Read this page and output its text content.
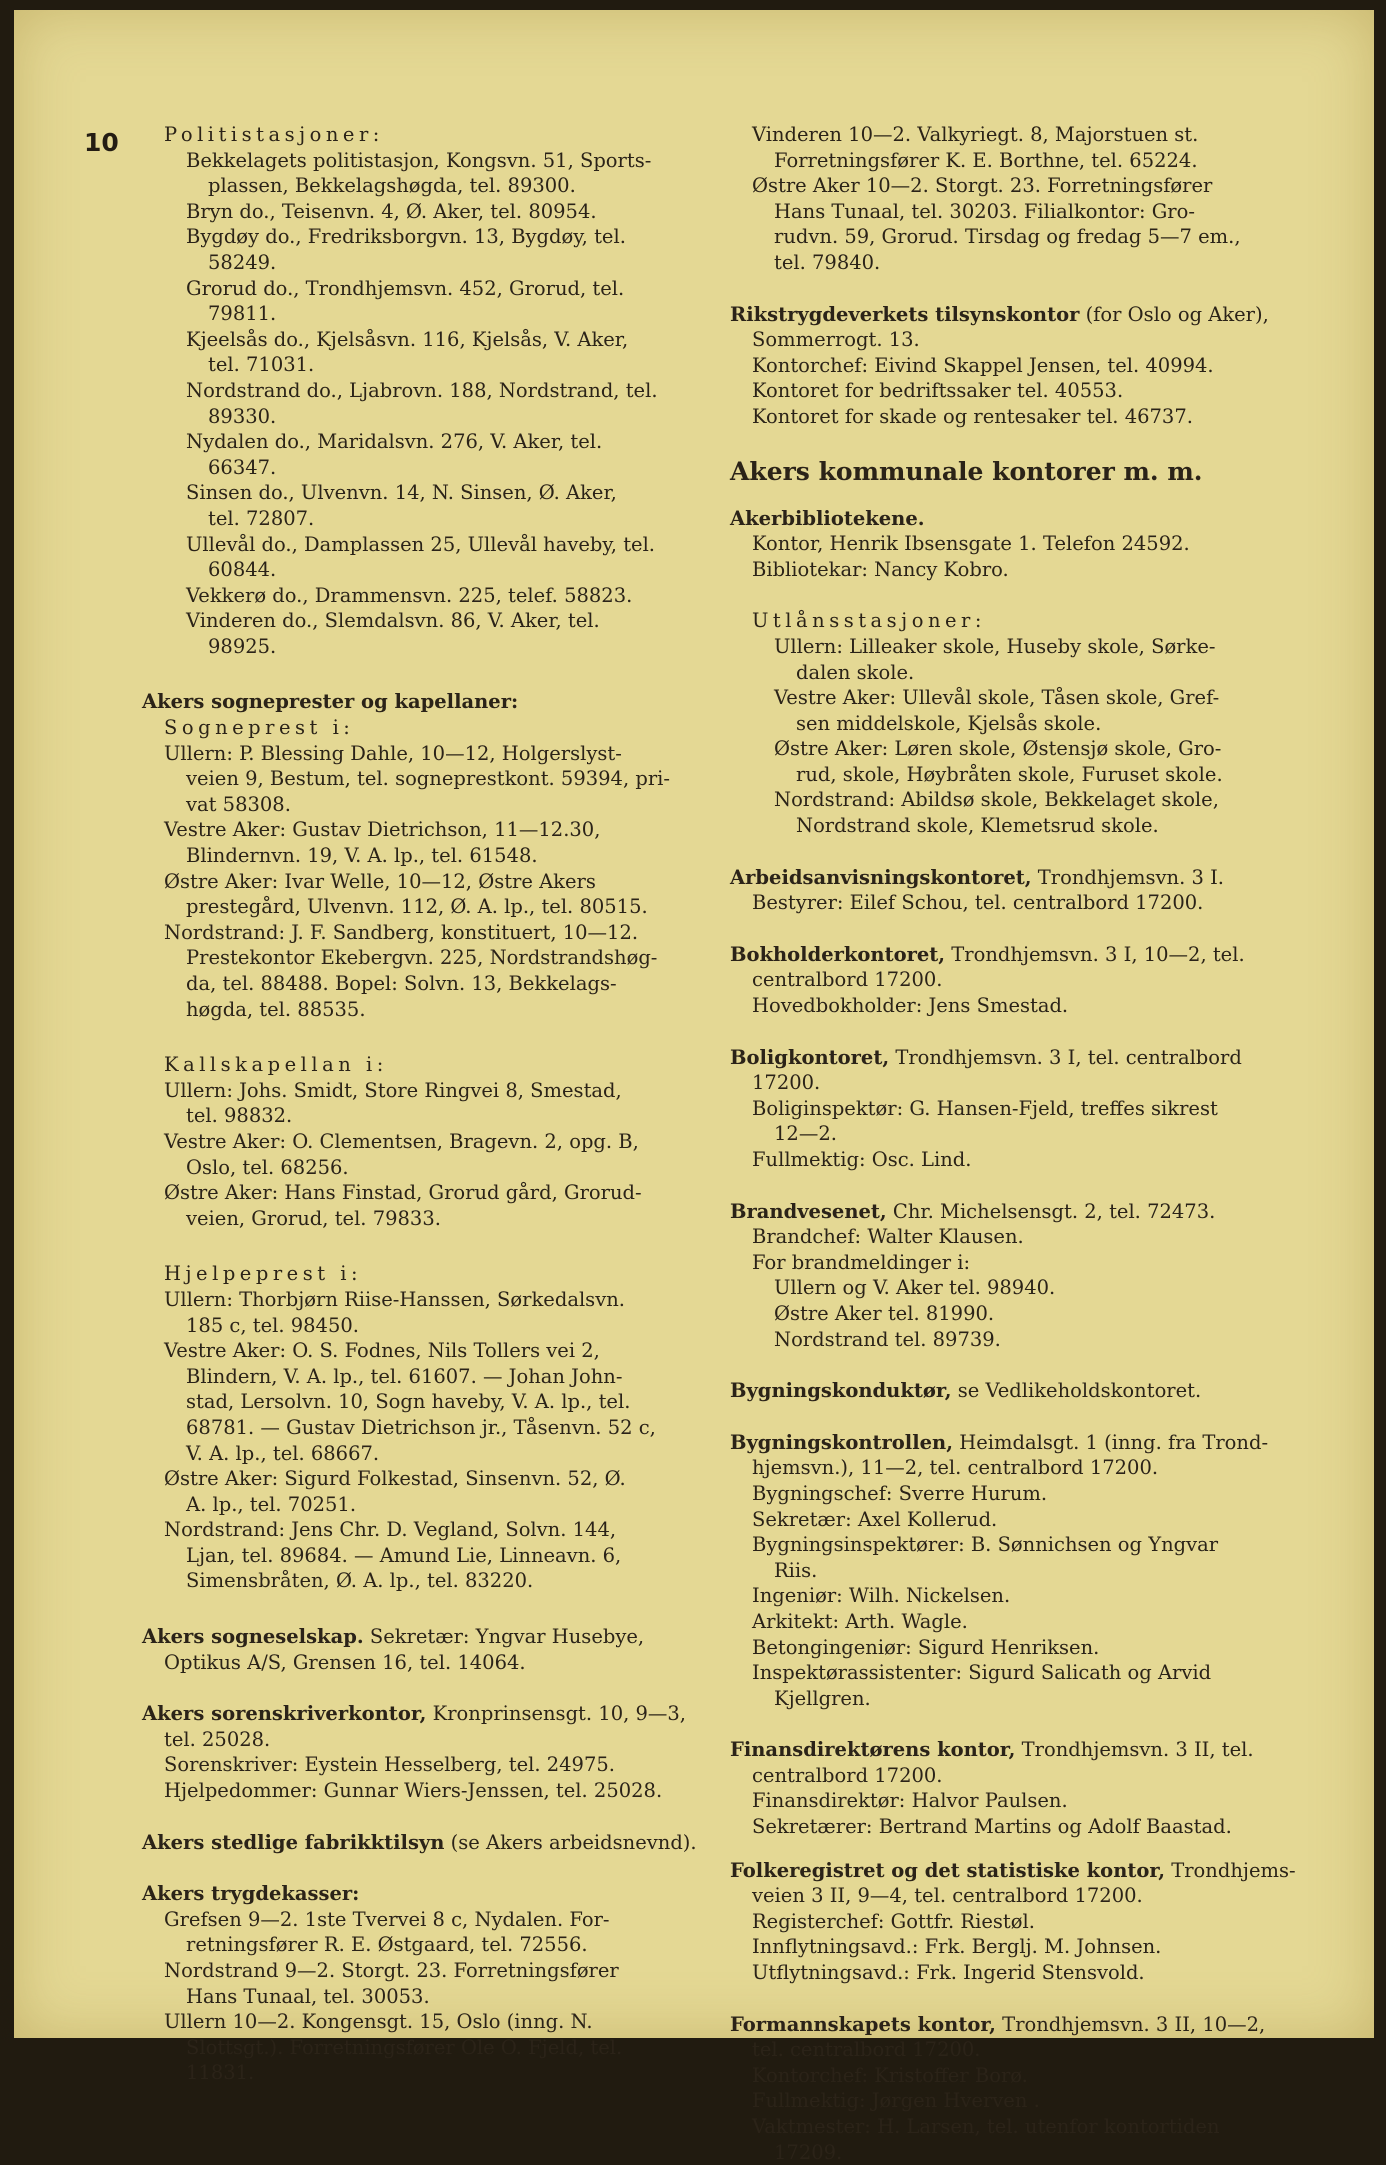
10	Politistasjoner:
Bekkelagets politistasjon, Kongsvn. 51, Sports-
plassen, Bekkelagshøgda, tel. 89300.
Bryn do., Teisenvn. 4, Ø. Aker, tel. 80954.
Bygdøy do., Fredriksborgvn. 13, Bygdøy, tel.
58249.
Grorud do., Trondhjemsvn. 452, Grorud, tel.
79811.
Kjeelsås do., Kjelsåsvn. 116, Kjelsås, V. Aker,
tel. 71031.
Nordstrand do., Ljabrovn. 188, Nordstrand, tel.
89330.
Nydalen do., Maridalsvn. 276, V. Aker, tel.
66347.
Sinsen do., Ulvenvn. 14, N. Sinsen, Ø. Aker,
tel. 72807.
Ullevål do., Damplassen 25, Ullevål haveby, tel.
60844.
Vekkerø do., Drammensvn. 225, telef. 58823.
Vinderen do., Slemdalsvn. 86, V. Aker, tel.
98925.
Akers sogneprester og kapellaner:
Sogneprest i:
Ullern: P. Blessing Dahle, 10—12, Holgerslyst-
veien 9, Bestum, tel. sogneprestkont. 59394, pri-
vat 58308.
Vestre Aker: Gustav Dietrichson, 11—12.30,
Blindernvn. 19, V. A. lp., tel. 61548.
Østre Aker: Ivar Welle, 10—12, Østre Akers
prestegård, Ulvenvn. 112, Ø. A. lp., tel. 80515.
Nordstrand: J. F. Sandberg, konstituert, 10—12.
Prestekontor Ekebergvn. 225, Nordstrandshøg-
da, tel. 88488. Bopel: Solvn. 13, Bekkelags-
høgda, tel. 88535.
Kallskapellan i:
Ullern: Johs. Smidt, Store Ringvei 8, Smestad,
tel. 98832.
Vestre Aker: O. Clementsen, Bragevn. 2, opg. B,
Oslo, tel. 68256.
Østre Aker: Hans Finstad, Grorud gård, Grorud-
veien, Grorud, tel. 79833.
Hjelpeprest i:
Ullern: Thorbjørn Riise-Hanssen, Sørkedalsvn.
185 c, tel. 98450.
Vestre Aker: O. S. Fodnes, Nils Tollers vei 2,
Blindern, V. A. lp., tel. 61607. — Johan John-
stad, Lersolvn. 10, Sogn haveby, V. A. lp., tel.
68781. — Gustav Dietrichson jr., Tåsenvn. 52 c,
V. A. lp., tel. 68667.
Østre Aker: Sigurd Folkestad, Sinsenvn. 52, Ø.
A. lp., tel. 70251.
Nordstrand: Jens Chr. D. Vegland, Solvn. 144,
Ljan, tel. 89684. — Amund Lie, Linneavn. 6,
Simensbråten, Ø. A. lp., tel. 83220.
Akers sogneselskap. Sekretær: Yngvar Husebye,
Optikus A/S, Grensen 16, tel. 14064.
Akers sorenskriverkontor, Kronprinsensgt. 10, 9—3,
tel. 25028.
Sorenskriver: Eystein Hesselberg, tel. 24975.
Hjelpedommer: Gunnar Wiers-Jenssen, tel. 25028.
Akers stedlige fabrikktilsyn (se Akers arbeidsnevnd).
Akers trygdekasser:
Grefsen 9—2. 1ste Tvervei 8 c, Nydalen. For-
retningsfører R. E. Østgaard, tel. 72556.
Nordstrand 9—2. Storgt. 23. Forretningsfører
Hans Tunaal, tel. 30053.
Ullern 10—2. Kongensgt. 15, Oslo (inng. N.
Slottsgt.). Forretningsfører Ole O. Fjeld, tel.
11831.
Vinderen 10—2. Valkyriegt. 8, Majorstuen st.
Forretningsfører K. E. Borthne, tel. 65224.
Østre Aker 10—2. Storgt. 23. Forretningsfører
Hans Tunaal, tel. 30203. Filialkontor: Gro-
rudvn. 59, Grorud. Tirsdag og fredag 5—7 em.,
tel. 79840.
Rikstrygdeverkets tilsynskontor (for Oslo og Aker),
Sommerrogt. 13.
Kontorchef: Eivind Skappel Jensen, tel. 40994.
Kontoret for bedriftssaker tel. 40553.
Kontoret for skade og rentesaker tel. 46737.
Akers kommunale kontorer m. m.
Akerbibliotekene.
Kontor, Henrik Ibsensgate 1. Telefon 24592.
Bibliotekar: Nancy Kobro.
Utlånsstasjoner:
Ullern: Lilleaker skole, Huseby skole, Sørke-
dalen skole.
Vestre Aker: Ullevål skole, Tåsen skole, Gref-
sen middelskole, Kjelsås skole.
Østre Aker: Løren skole, Østensjø skole, Gro-
rud, skole, Høybråten skole, Furuset skole.
Nordstrand: Abildsø skole, Bekkelaget skole,
Nordstrand skole, Klemetsrud skole.
Arbeidsanvisningskontoret, Trondhjemsvn. 3 I.
Bestyrer: Eilef Schou, tel. centralbord 17200.
Bokholderkontoret, Trondhjemsvn. 3 I, 10—2, tel.
centralbord 17200.
Hovedbokholder: Jens Smestad.
Boligkontoret, Trondhjemsvn. 3 I, tel. centralbord
17200.
Boliginspektør: G. Hansen-Fjeld, treffes sikrest
12—2.
Fullmektig: Osc. Lind.
Brandvesenet, Chr. Michelsensgt. 2, tel. 72473.
Brandchef: Walter Klausen.
For brandmeldinger i:
Ullern og V. Aker tel. 98940.
Østre Aker tel. 81990.
Nordstrand tel. 89739.
Bygningskonduktør, se Vedlikeholdskontoret.
Bygningskontrollen, Heimdalsgt. 1 (inng. fra Trond-
hjemsvn.), 11—2, tel. centralbord 17200.
Bygningschef: Sverre Hurum.
Sekretær: Axel Kollerud.
Bygningsinspektører: B. Sønnichsen og Yngvar
Riis.
Ingeniør: Wilh. Nickelsen.
Arkitekt: Arth. Wagle.
Betongingeniør: Sigurd Henriksen.
Inspektørassistenter: Sigurd Salicath og Arvid
Kjellgren.
Finansdirektørens kontor, Trondhjemsvn. 3 II, tel.
centralbord 17200.
Finansdirektør: Halvor Paulsen.
Sekretærer: Bertrand Martins og Adolf Baastad.
Folkeregistret og det statistiske kontor, Trondhjems-
veien 3 II, 9—4, tel. centralbord 17200.
Registerchef: Gottfr. Riestøl.
Innflytningsavd.: Frk. Berglj. M. Johnsen.
Utflytningsavd.: Frk. Ingerid Stensvold.
Formannskapets kontor, Trondhjemsvn. 3 II, 10—2,
tel. centralbord 17200.
Kontorchef: Kristoffer Borø.
Fullmektig: Jørgen Hverven .
Vaktmester: H. Larsen, tel. utenfor kontortiden
17209.
